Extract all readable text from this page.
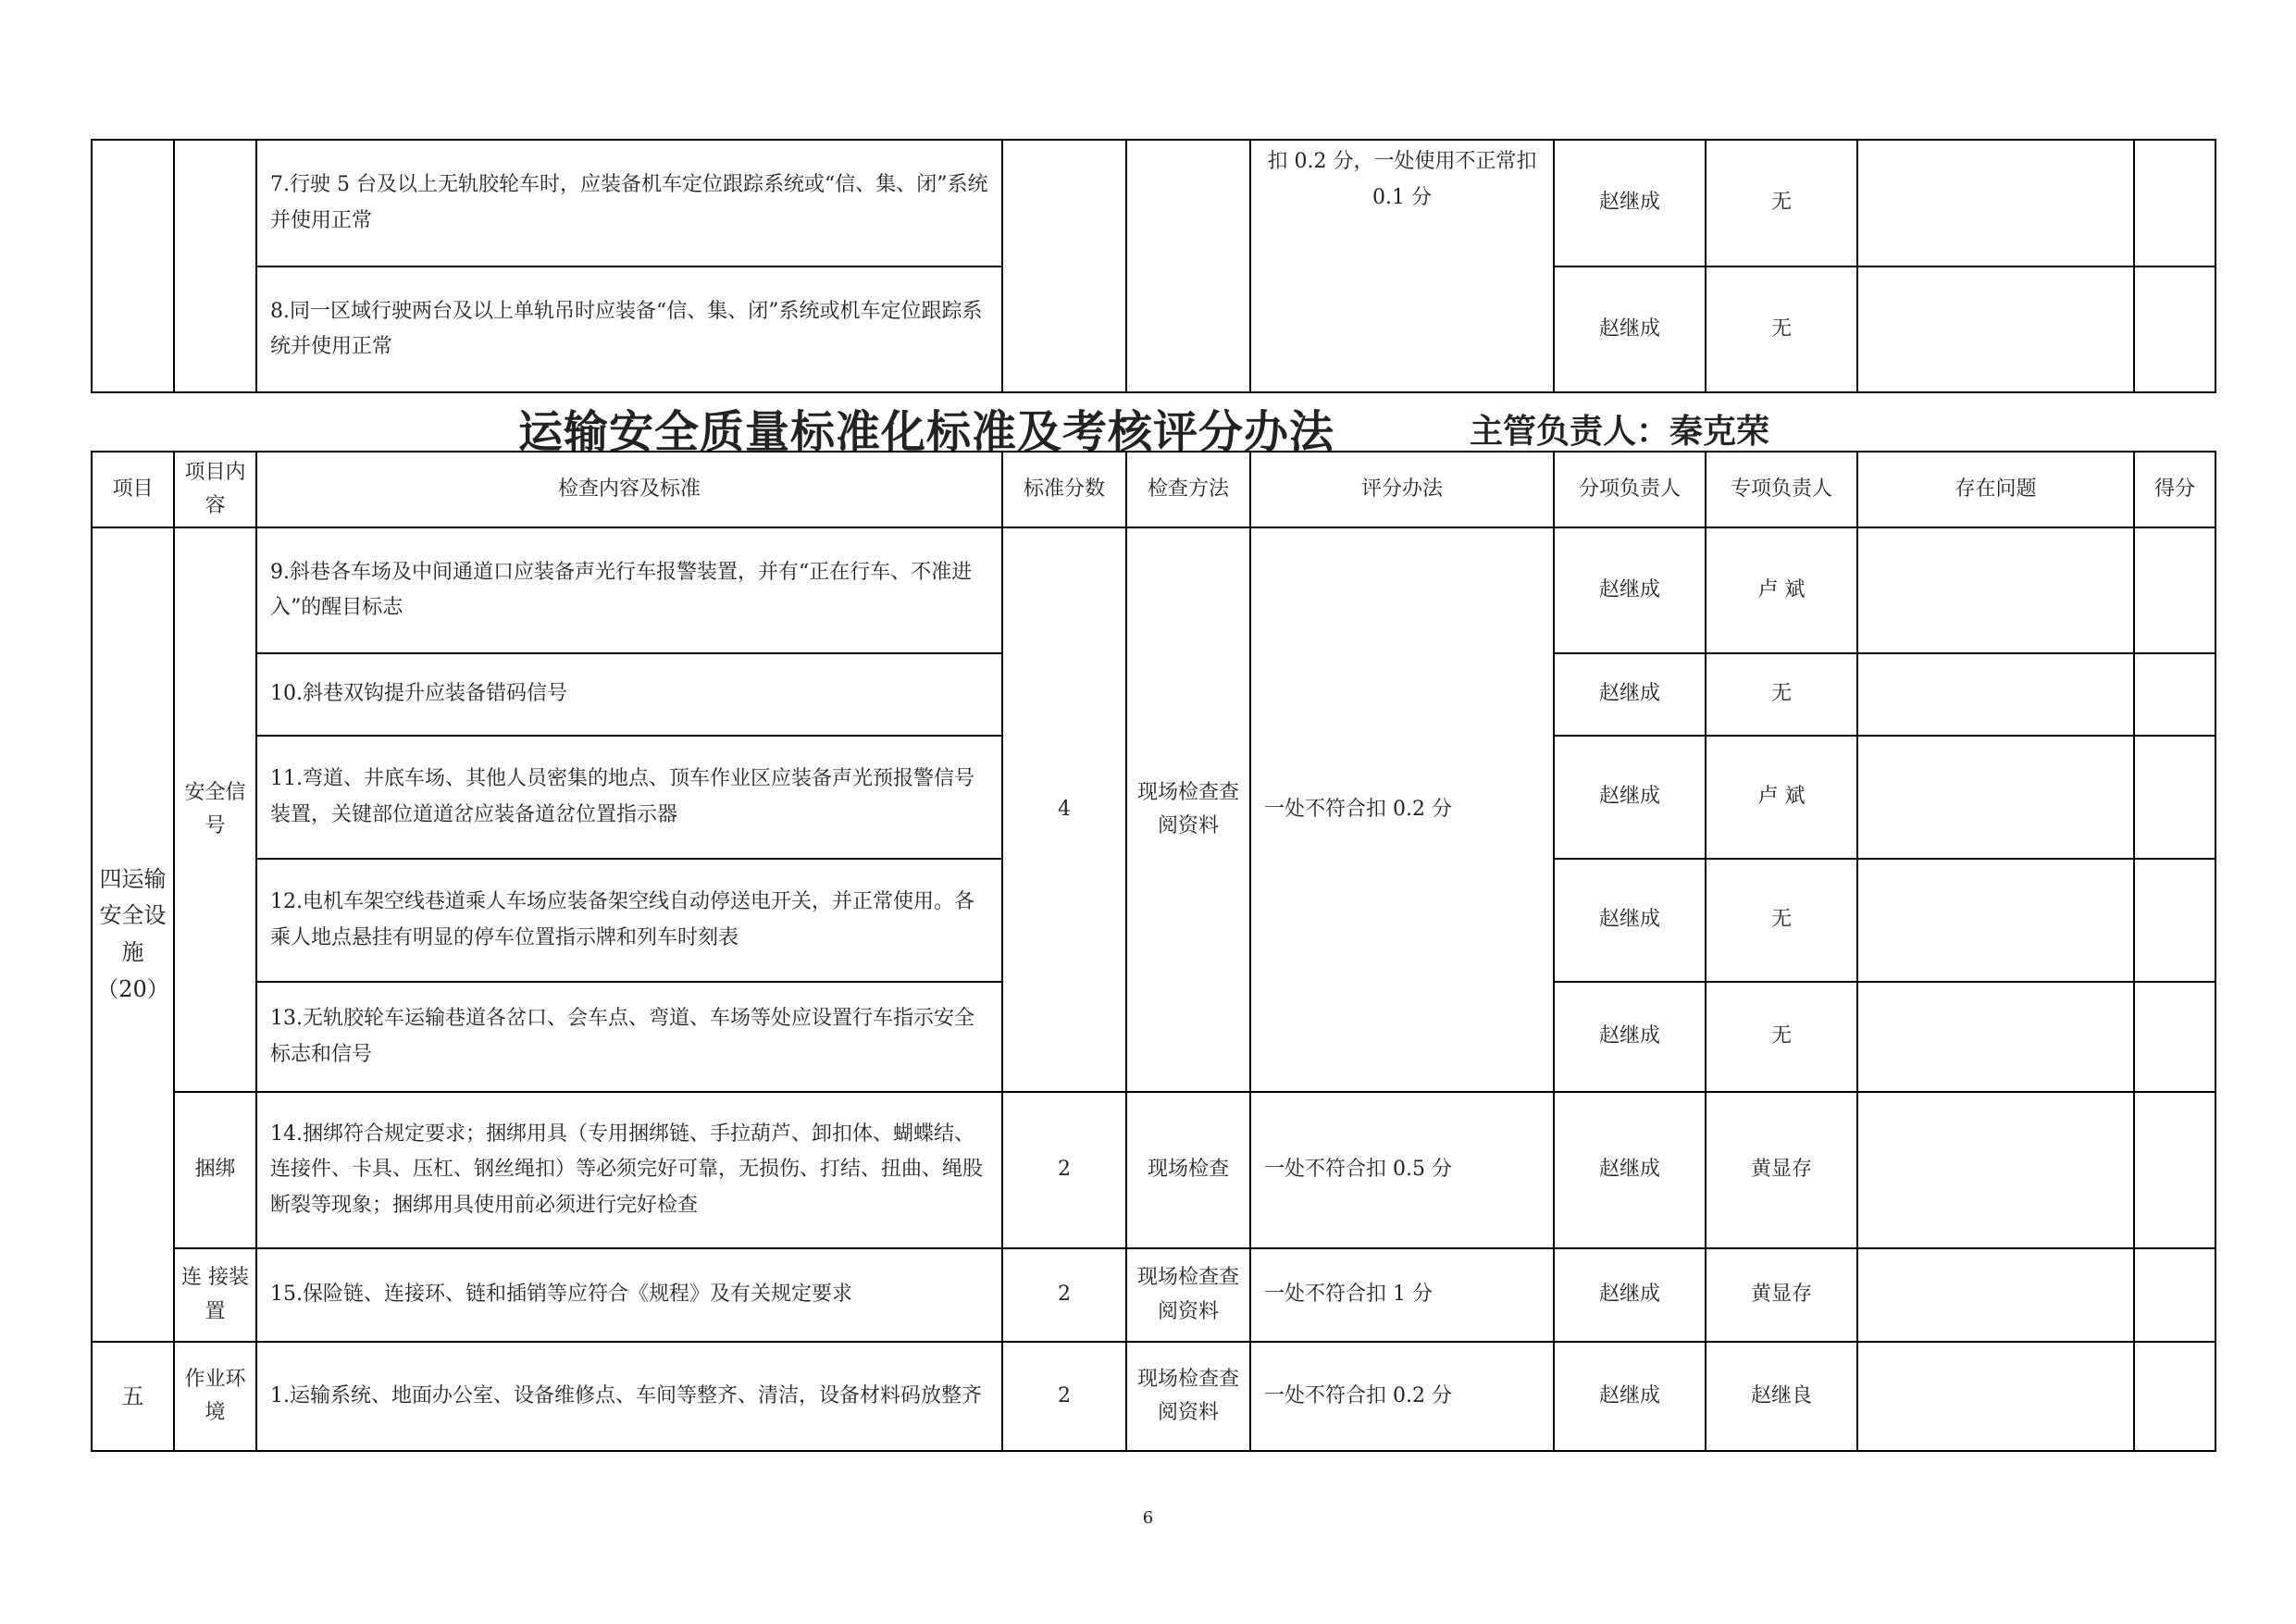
		7.行驶 5 台及以上无轨胶轮车时，应装备机车定位跟踪系统或“信、集、闭”系统并使用正常			扣 0.2 分，一处使用不正常扣 0.1 分	赵继成	无		
		8.同一区域行驶两台及以上单轨吊时应装备“信、集、闭”系统或机车定位跟踪系统并使用正常				赵继成	无		
运输安全质量标准化标准及考核评分办法	主管负责人：秦克荣
项目	项目内容	检查内容及标准	标准分数	检查方法	评分办法	分项负责人	专项负责人	存在问题	得分
四运输安全设施（20）	安全信号	9.斜巷各车场及中间通道口应装备声光行车报警装置，并有“正在行车、不准进入”的醒目标志	4	现场检查查阅资料	一处不符合扣 0.2 分	赵继成	卢 斌		
		10.斜巷双钩提升应装备错码信号				赵继成	无		
		11.弯道、井底车场、其他人员密集的地点、顶车作业区应装备声光预报警信号装置，关键部位道道岔应装备道岔位置指示器				赵继成	卢 斌		
		12.电机车架空线巷道乘人车场应装备架空线自动停送电开关，并正常使用。各乘人地点悬挂有明显的停车位置指示牌和列车时刻表				赵继成	无		
		13.无轨胶轮车运输巷道各岔口、会车点、弯道、车场等处应设置行车指示安全标志和信号				赵继成	无		
	捆绑	14.捆绑符合规定要求；捆绑用具（专用捆绑链、手拉葫芦、卸扣体、蝴蝶结、连接件、卡具、压杠、钢丝绳扣）等必须完好可靠，无损伤、打结、扭曲、绳股断裂等现象；捆绑用具使用前必须进行完好检查	2	现场检查	一处不符合扣 0.5 分	赵继成	黄显存		
	连 接装 置	15.保险链、连接环、链和插销等应符合《规程》及有关规定要求	2	现场检查查阅资料	一处不符合扣 1 分	赵继成	黄显存		
五	作业环境	1.运输系统、地面办公室、设备维修点、车间等整齐、清洁，设备材料码放整齐	2	现场检查查阅资料	一处不符合扣 0.2 分	赵继成	赵继良		
6
